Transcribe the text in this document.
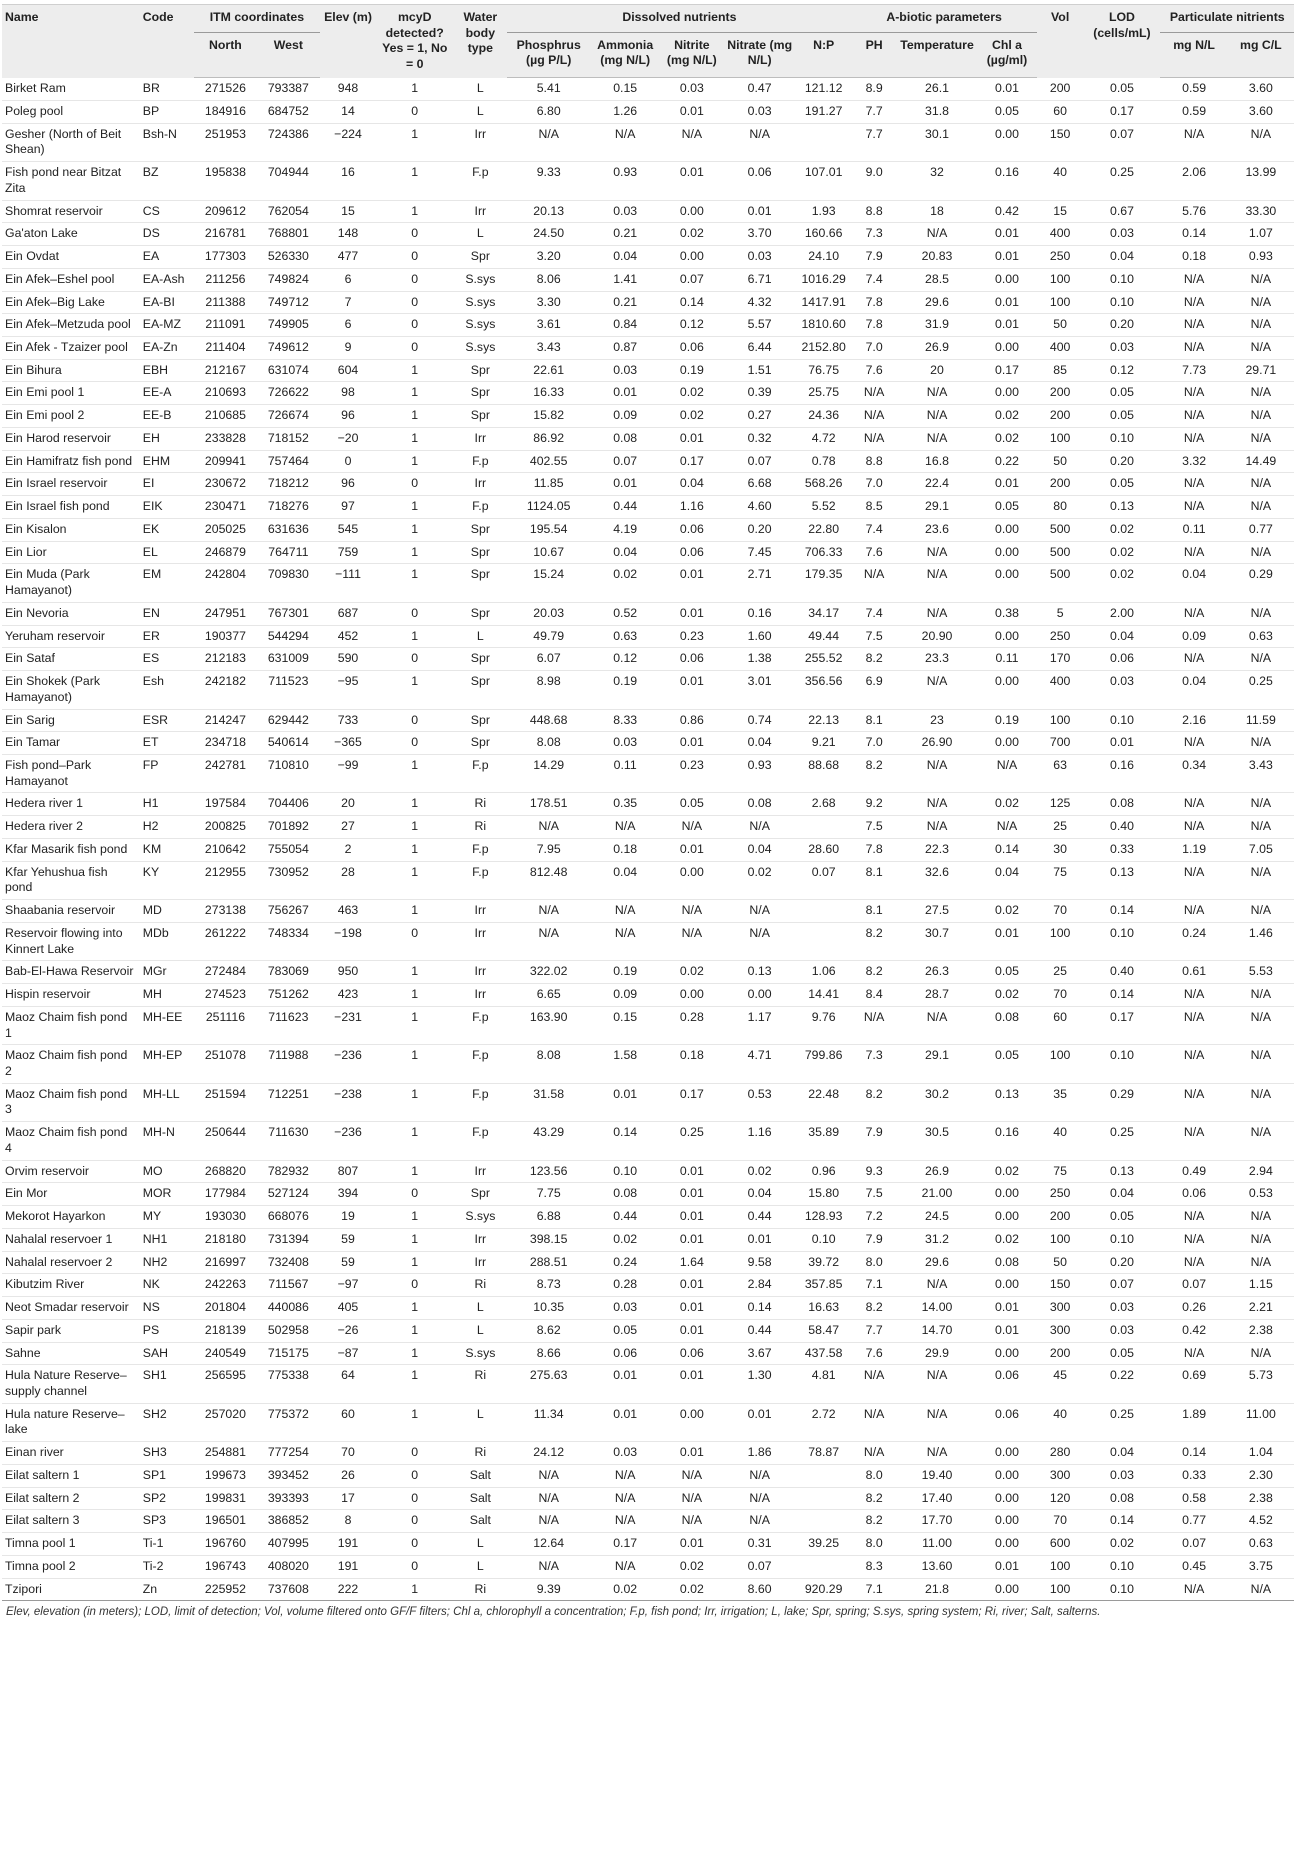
Name	Code	ITM coordinates		Elev (m)	mcyD detected? Yes = 1, No = 0	Water body type	Dissolved nutrients					A-biotic parameters			Vol	LOD (cells/mL)	Particulate nitrients	
		North	West				Phosphrus (µg P/L)	Ammonia (mg N/L)	Nitrite (mg N/L)	Nitrate (mg N/L)	N:P	PH	Temperature	Chl a (µg/ml)			mg N/L	mg C/L
Birket Ram	BR	271526	793387	948	1	L	5.41	0.15	0.03	0.47	121.12	8.9	26.1	0.01	200	0.05	0.59	3.60
Poleg pool	BP	184916	684752	14	0	L	6.80	1.26	0.01	0.03	191.27	7.7	31.8	0.05	60	0.17	0.59	3.60
Gesher (North of Beit Shean)	Bsh-N	251953	724386	−224	1	Irr	N/A	N/A	N/A	N/A		7.7	30.1	0.00	150	0.07	N/A	N/A
Fish pond near Bitzat Zita	BZ	195838	704944	16	1	F.p	9.33	0.93	0.01	0.06	107.01	9.0	32	0.16	40	0.25	2.06	13.99
Shomrat reservoir	CS	209612	762054	15	1	Irr	20.13	0.03	0.00	0.01	1.93	8.8	18	0.42	15	0.67	5.76	33.30
Ga'aton Lake	DS	216781	768801	148	0	L	24.50	0.21	0.02	3.70	160.66	7.3	N/A	0.01	400	0.03	0.14	1.07
Ein Ovdat	EA	177303	526330	477	0	Spr	3.20	0.04	0.00	0.03	24.10	7.9	20.83	0.01	250	0.04	0.18	0.93
Ein Afek–Eshel pool	EA-Ash	211256	749824	6	0	S.sys	8.06	1.41	0.07	6.71	1016.29	7.4	28.5	0.00	100	0.10	N/A	N/A
Ein Afek–Big Lake	EA-BI	211388	749712	7	0	S.sys	3.30	0.21	0.14	4.32	1417.91	7.8	29.6	0.01	100	0.10	N/A	N/A
Ein Afek–Metzuda pool	EA-MZ	211091	749905	6	0	S.sys	3.61	0.84	0.12	5.57	1810.60	7.8	31.9	0.01	50	0.20	N/A	N/A
Ein Afek - Tzaizer pool	EA-Zn	211404	749612	9	0	S.sys	3.43	0.87	0.06	6.44	2152.80	7.0	26.9	0.00	400	0.03	N/A	N/A
Ein Bihura	EBH	212167	631074	604	1	Spr	22.61	0.03	0.19	1.51	76.75	7.6	20	0.17	85	0.12	7.73	29.71
Ein Emi pool 1	EE-A	210693	726622	98	1	Spr	16.33	0.01	0.02	0.39	25.75	N/A	N/A	0.00	200	0.05	N/A	N/A
Ein Emi pool 2	EE-B	210685	726674	96	1	Spr	15.82	0.09	0.02	0.27	24.36	N/A	N/A	0.02	200	0.05	N/A	N/A
Ein Harod reservoir	EH	233828	718152	−20	1	Irr	86.92	0.08	0.01	0.32	4.72	N/A	N/A	0.02	100	0.10	N/A	N/A
Ein Hamifratz fish pond	EHM	209941	757464	0	1	F.p	402.55	0.07	0.17	0.07	0.78	8.8	16.8	0.22	50	0.20	3.32	14.49
Ein Israel reservoir	EI	230672	718212	96	0	Irr	11.85	0.01	0.04	6.68	568.26	7.0	22.4	0.01	200	0.05	N/A	N/A
Ein Israel fish pond	EIK	230471	718276	97	1	F.p	1124.05	0.44	1.16	4.60	5.52	8.5	29.1	0.05	80	0.13	N/A	N/A
Ein Kisalon	EK	205025	631636	545	1	Spr	195.54	4.19	0.06	0.20	22.80	7.4	23.6	0.00	500	0.02	0.11	0.77
Ein Lior	EL	246879	764711	759	1	Spr	10.67	0.04	0.06	7.45	706.33	7.6	N/A	0.00	500	0.02	N/A	N/A
Ein Muda (Park Hamayanot)	EM	242804	709830	−111	1	Spr	15.24	0.02	0.01	2.71	179.35	N/A	N/A	0.00	500	0.02	0.04	0.29
Ein Nevoria	EN	247951	767301	687	0	Spr	20.03	0.52	0.01	0.16	34.17	7.4	N/A	0.38	5	2.00	N/A	N/A
Yeruham reservoir	ER	190377	544294	452	1	L	49.79	0.63	0.23	1.60	49.44	7.5	20.90	0.00	250	0.04	0.09	0.63
Ein Sataf	ES	212183	631009	590	0	Spr	6.07	0.12	0.06	1.38	255.52	8.2	23.3	0.11	170	0.06	N/A	N/A
Ein Shokek (Park Hamayanot)	Esh	242182	711523	−95	1	Spr	8.98	0.19	0.01	3.01	356.56	6.9	N/A	0.00	400	0.03	0.04	0.25
Ein Sarig	ESR	214247	629442	733	0	Spr	448.68	8.33	0.86	0.74	22.13	8.1	23	0.19	100	0.10	2.16	11.59
Ein Tamar	ET	234718	540614	−365	0	Spr	8.08	0.03	0.01	0.04	9.21	7.0	26.90	0.00	700	0.01	N/A	N/A
Fish pond–Park Hamayanot	FP	242781	710810	−99	1	F.p	14.29	0.11	0.23	0.93	88.68	8.2	N/A	N/A	63	0.16	0.34	3.43
Hedera river 1	H1	197584	704406	20	1	Ri	178.51	0.35	0.05	0.08	2.68	9.2	N/A	0.02	125	0.08	N/A	N/A
Hedera river 2	H2	200825	701892	27	1	Ri	N/A	N/A	N/A	N/A		7.5	N/A	N/A	25	0.40	N/A	N/A
Kfar Masarik fish pond	KM	210642	755054	2	1	F.p	7.95	0.18	0.01	0.04	28.60	7.8	22.3	0.14	30	0.33	1.19	7.05
Kfar Yehushua fish pond	KY	212955	730952	28	1	F.p	812.48	0.04	0.00	0.02	0.07	8.1	32.6	0.04	75	0.13	N/A	N/A
Shaabania reservoir	MD	273138	756267	463	1	Irr	N/A	N/A	N/A	N/A		8.1	27.5	0.02	70	0.14	N/A	N/A
Reservoir flowing into Kinnert Lake	MDb	261222	748334	−198	0	Irr	N/A	N/A	N/A	N/A		8.2	30.7	0.01	100	0.10	0.24	1.46
Bab-El-Hawa Reservoir	MGr	272484	783069	950	1	Irr	322.02	0.19	0.02	0.13	1.06	8.2	26.3	0.05	25	0.40	0.61	5.53
Hispin reservoir	MH	274523	751262	423	1	Irr	6.65	0.09	0.00	0.00	14.41	8.4	28.7	0.02	70	0.14	N/A	N/A
Maoz Chaim fish pond 1	MH-EE	251116	711623	−231	1	F.p	163.90	0.15	0.28	1.17	9.76	N/A	N/A	0.08	60	0.17	N/A	N/A
Maoz Chaim fish pond 2	MH-EP	251078	711988	−236	1	F.p	8.08	1.58	0.18	4.71	799.86	7.3	29.1	0.05	100	0.10	N/A	N/A
Maoz Chaim fish pond 3	MH-LL	251594	712251	−238	1	F.p	31.58	0.01	0.17	0.53	22.48	8.2	30.2	0.13	35	0.29	N/A	N/A
Maoz Chaim fish pond 4	MH-N	250644	711630	−236	1	F.p	43.29	0.14	0.25	1.16	35.89	7.9	30.5	0.16	40	0.25	N/A	N/A
Orvim reservoir	MO	268820	782932	807	1	Irr	123.56	0.10	0.01	0.02	0.96	9.3	26.9	0.02	75	0.13	0.49	2.94
Ein Mor	MOR	177984	527124	394	0	Spr	7.75	0.08	0.01	0.04	15.80	7.5	21.00	0.00	250	0.04	0.06	0.53
Mekorot Hayarkon	MY	193030	668076	19	1	S.sys	6.88	0.44	0.01	0.44	128.93	7.2	24.5	0.00	200	0.05	N/A	N/A
Nahalal reservoer 1	NH1	218180	731394	59	1	Irr	398.15	0.02	0.01	0.01	0.10	7.9	31.2	0.02	100	0.10	N/A	N/A
Nahalal reservoer 2	NH2	216997	732408	59	1	Irr	288.51	0.24	1.64	9.58	39.72	8.0	29.6	0.08	50	0.20	N/A	N/A
Kibutzim River	NK	242263	711567	−97	0	Ri	8.73	0.28	0.01	2.84	357.85	7.1	N/A	0.00	150	0.07	0.07	1.15
Neot Smadar reservoir	NS	201804	440086	405	1	L	10.35	0.03	0.01	0.14	16.63	8.2	14.00	0.01	300	0.03	0.26	2.21
Sapir park	PS	218139	502958	−26	1	L	8.62	0.05	0.01	0.44	58.47	7.7	14.70	0.01	300	0.03	0.42	2.38
Sahne	SAH	240549	715175	−87	1	S.sys	8.66	0.06	0.06	3.67	437.58	7.6	29.9	0.00	200	0.05	N/A	N/A
Hula Nature Reserve–supply channel	SH1	256595	775338	64	1	Ri	275.63	0.01	0.01	1.30	4.81	N/A	N/A	0.06	45	0.22	0.69	5.73
Hula nature Reserve–lake	SH2	257020	775372	60	1	L	11.34	0.01	0.00	0.01	2.72	N/A	N/A	0.06	40	0.25	1.89	11.00
Einan river	SH3	254881	777254	70	0	Ri	24.12	0.03	0.01	1.86	78.87	N/A	N/A	0.00	280	0.04	0.14	1.04
Eilat saltern 1	SP1	199673	393452	26	0	Salt	N/A	N/A	N/A	N/A		8.0	19.40	0.00	300	0.03	0.33	2.30
Eilat saltern 2	SP2	199831	393393	17	0	Salt	N/A	N/A	N/A	N/A		8.2	17.40	0.00	120	0.08	0.58	2.38
Eilat saltern 3	SP3	196501	386852	8	0	Salt	N/A	N/A	N/A	N/A		8.2	17.70	0.00	70	0.14	0.77	4.52
Timna pool 1	Ti-1	196760	407995	191	0	L	12.64	0.17	0.01	0.31	39.25	8.0	11.00	0.00	600	0.02	0.07	0.63
Timna pool 2	Ti-2	196743	408020	191	0	L	N/A	N/A	0.02	0.07		8.3	13.60	0.01	100	0.10	0.45	3.75
Tzipori	Zn	225952	737608	222	1	Ri	9.39	0.02	0.02	8.60	920.29	7.1	21.8	0.00	100	0.10	N/A	N/A
Elev, elevation (in meters); LOD, limit of detection; Vol, volume filtered onto GF/F filters; Chl a, chlorophyll a concentration; F.p, fish pond; Irr, irrigation; L, lake; Spr, spring; S.sys, spring system; Ri, river; Salt, salterns.
